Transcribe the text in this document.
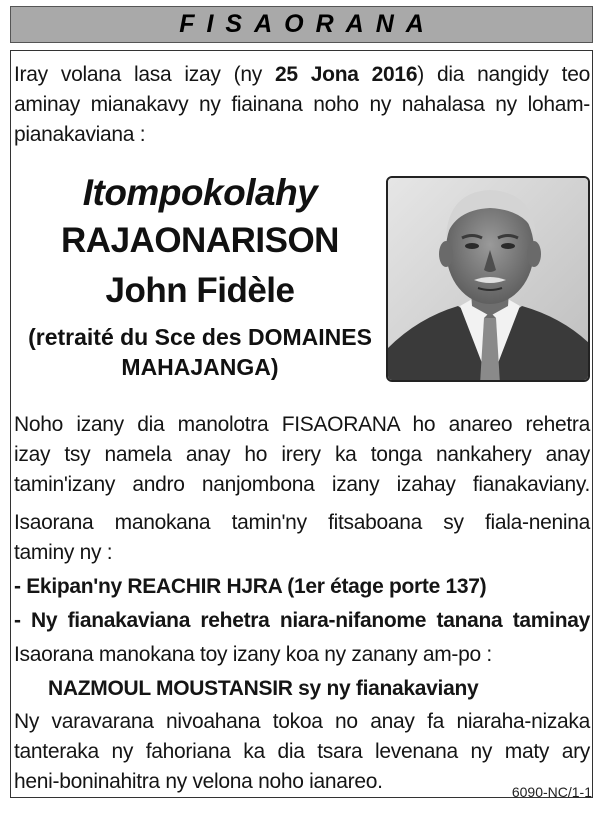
FISAORANA
Iray volana lasa izay (ny 25 Jona 2016) dia nangidy teo
aminay mianakavy ny fiainana noho ny nahalasa ny loham-
pianakaviana :
Itompokolahy
RAJAONARISON
John Fidèle
(retraité du Sce des DOMAINES
MAHAJANGA)
Noho izany dia manolotra FISAORANA ho anareo rehetra
izay tsy namela anay ho irery ka tonga nankahery anay
tamin'izany andro nanjombona izany izahay fianakaviany.
Isaorana manokana tamin'ny fitsaboana sy fiala-nenina
taminy ny :
- Ekipan'ny REACHIR HJRA (1er étage porte 137)
- Ny fianakaviana rehetra niara-nifanome tanana taminay
Isaorana manokana toy izany koa ny zanany am-po :
NAZMOUL MOUSTANSIR sy ny fianakaviany
Ny varavarana nivoahana tokoa no anay fa niaraha-nizaka
tanteraka ny fahoriana ka dia tsara levenana ny maty ary
heni-boninahitra ny velona noho ianareo.	6090-NC/1-1
